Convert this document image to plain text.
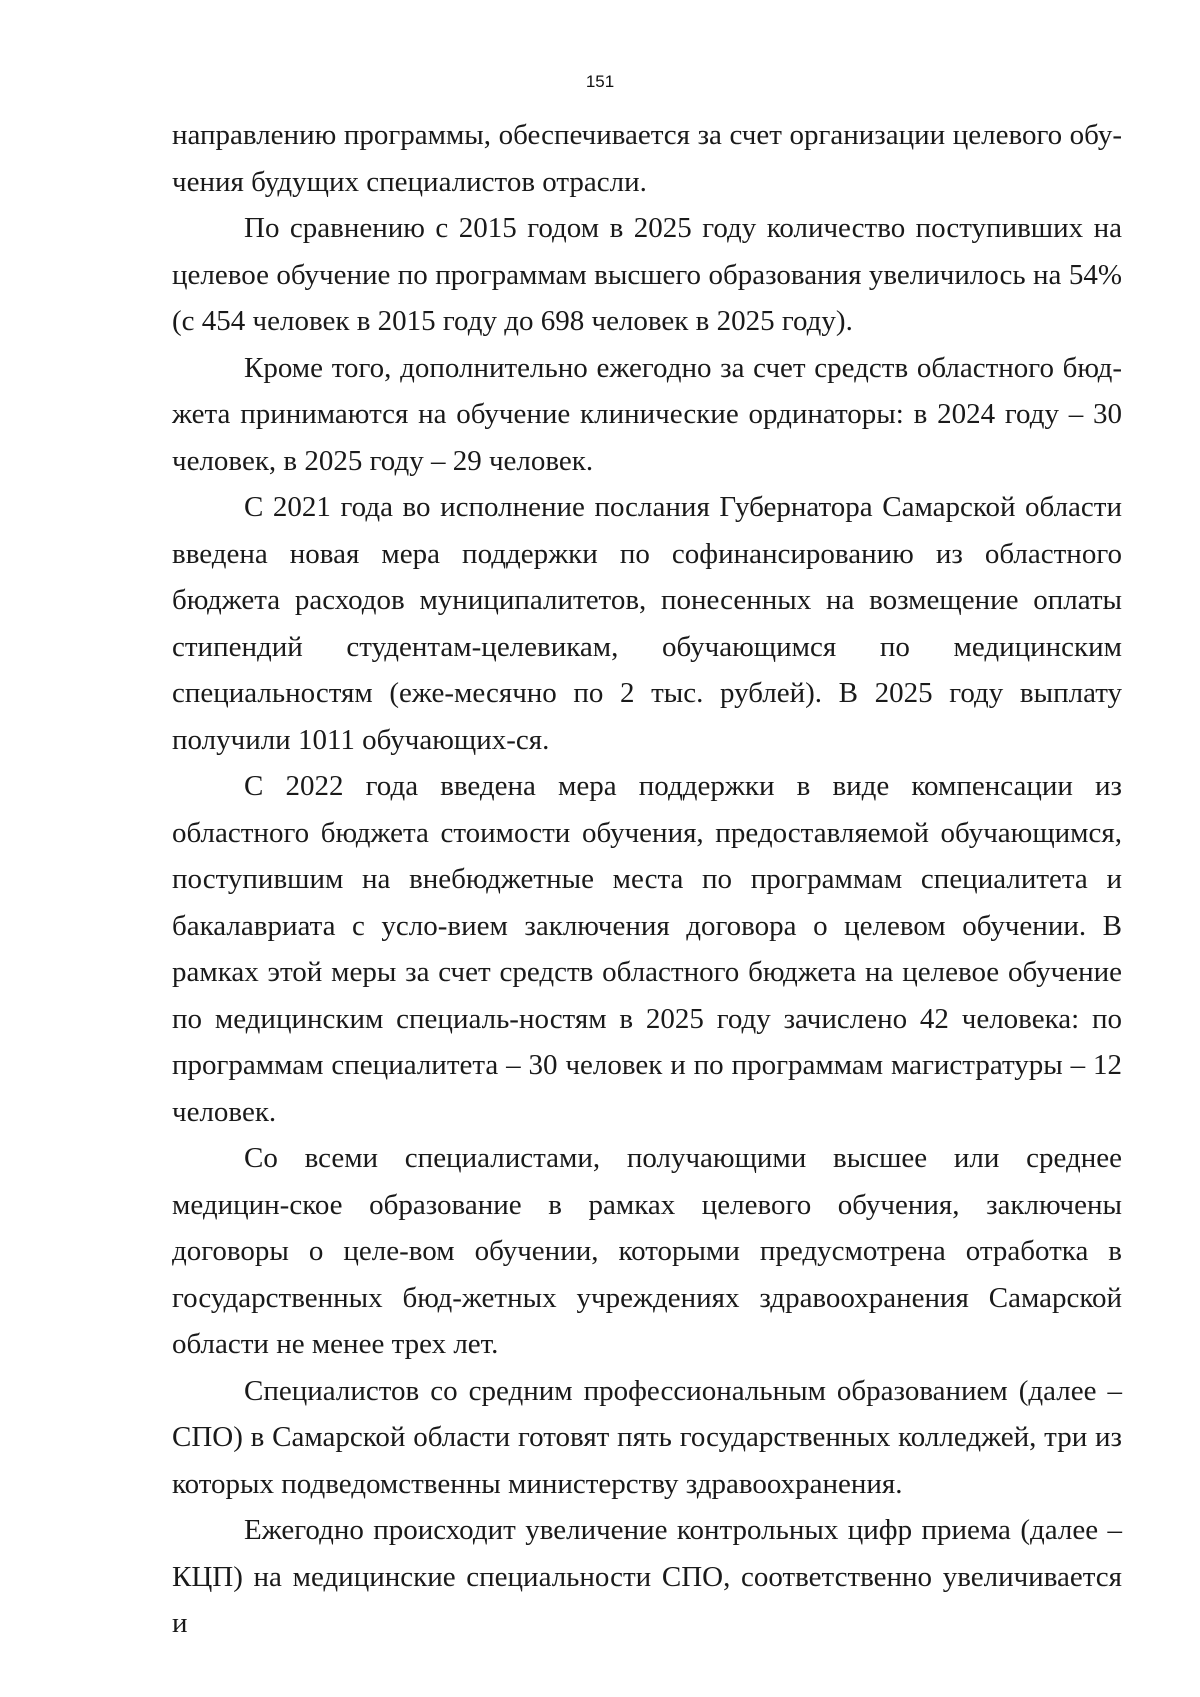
151

направлению программы, обеспечивается за счет организации целевого обу-чения будущих специалистов отрасли.

По сравнению с 2015 годом в 2025 году количество поступивших на целевое обучение по программам высшего образования увеличилось на 54% (с 454 человек в 2015 году до 698 человек в 2025 году).

Кроме того, дополнительно ежегодно за счет средств областного бюд-жета принимаются на обучение клинические ординаторы: в 2024 году – 30 человек, в 2025 году – 29 человек.

С 2021 года во исполнение послания Губернатора Самарской области введена новая мера поддержки по софинансированию из областного бюджета расходов муниципалитетов, понесенных на возмещение оплаты стипендий студентам-целевикам, обучающимся по медицинским специальностям (еже-месячно по 2 тыс. рублей). В 2025 году выплату получили 1011 обучающих-ся.

С 2022 года введена мера поддержки в виде компенсации из областного бюджета стоимости обучения, предоставляемой обучающимся, поступившим на внебюджетные места по программам специалитета и бакалавриата с усло-вием заключения договора о целевом обучении. В рамках этой меры за счет средств областного бюджета на целевое обучение по медицинским специаль-ностям в 2025 году зачислено 42 человека: по программам специалитета – 30 человек и по программам магистратуры – 12 человек.

Со всеми специалистами, получающими высшее или среднее медицин-ское образование в рамках целевого обучения, заключены договоры о целе-вом обучении, которыми предусмотрена отработка в государственных бюд-жетных учреждениях здравоохранения Самарской области не менее трех лет.

Специалистов со средним профессиональным образованием (далее – СПО) в Самарской области готовят пять государственных колледжей, три из которых подведомственны министерству здравоохранения.

Ежегодно происходит увеличение контрольных цифр приема (далее – КЦП) на медицинские специальности СПО, соответственно увеличивается и
